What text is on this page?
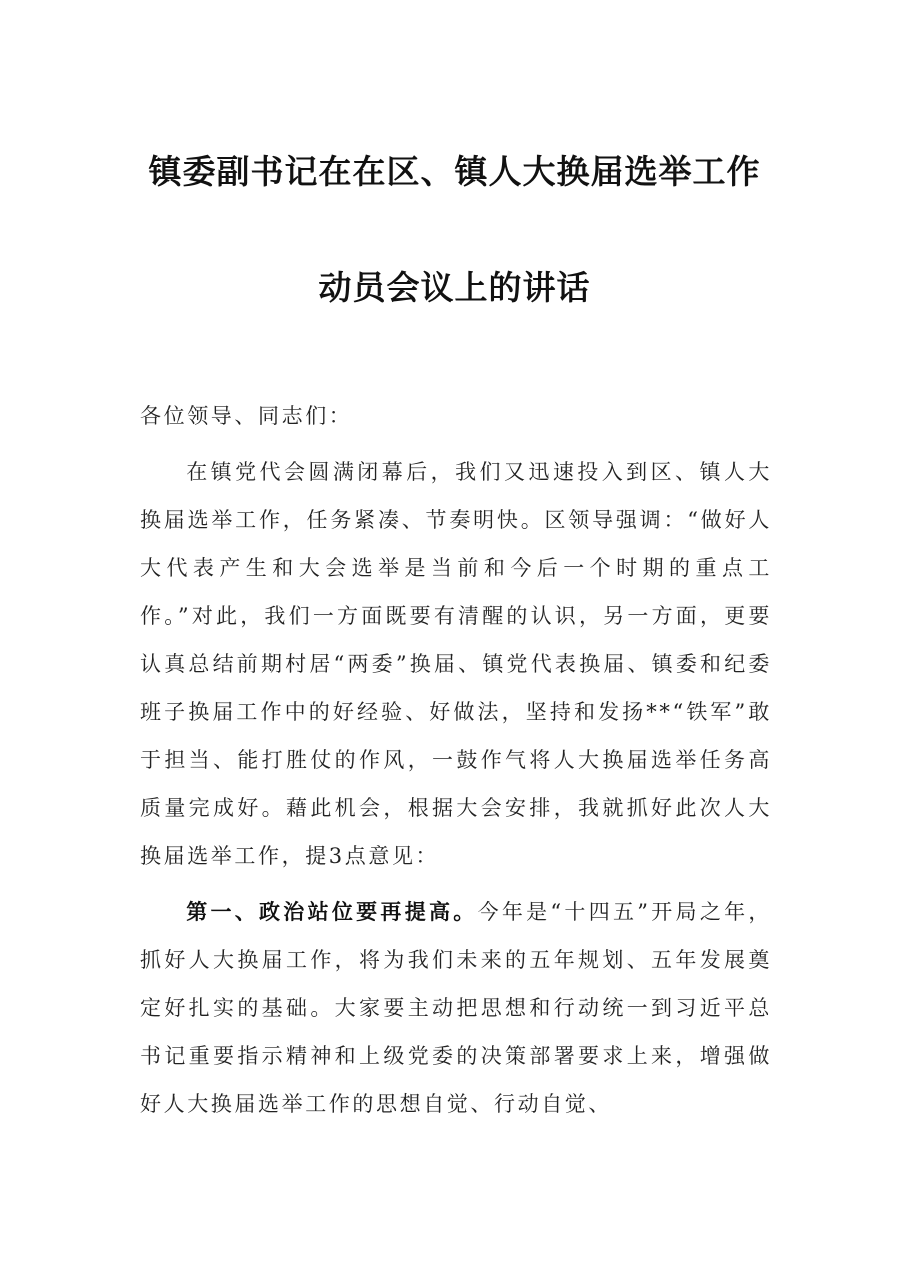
镇委副书记在在区、镇人大换届选举工作
动员会议上的讲话
各位领导、同志们：

在镇党代会圆满闭幕后，我们又迅速投入到区、镇人大换届选举工作，任务紧凑、节奏明快。区领导强调：“做好人大代表产生和大会选举是当前和今后一个时期的重点工作。”对此，我们一方面既要有清醒的认识，另一方面，更要认真总结前期村居“两委”换届、镇党代表换届、镇委和纪委班子换届工作中的好经验、好做法，坚持和发扬**“铁军”敢于担当、能打胜仗的作风，一鼓作气将人大换届选举任务高质量完成好。藉此机会，根据大会安排，我就抓好此次人大换届选举工作，提3点意见：

第一、政治站位要再提高。今年是“十四五”开局之年，抓好人大换届工作，将为我们未来的五年规划、五年发展奠定好扎实的基础。大家要主动把思想和行动统一到习近平总书记重要指示精神和上级党委的决策部署要求上来，增强做好人大换届选举工作的思想自觉、行动自觉、
